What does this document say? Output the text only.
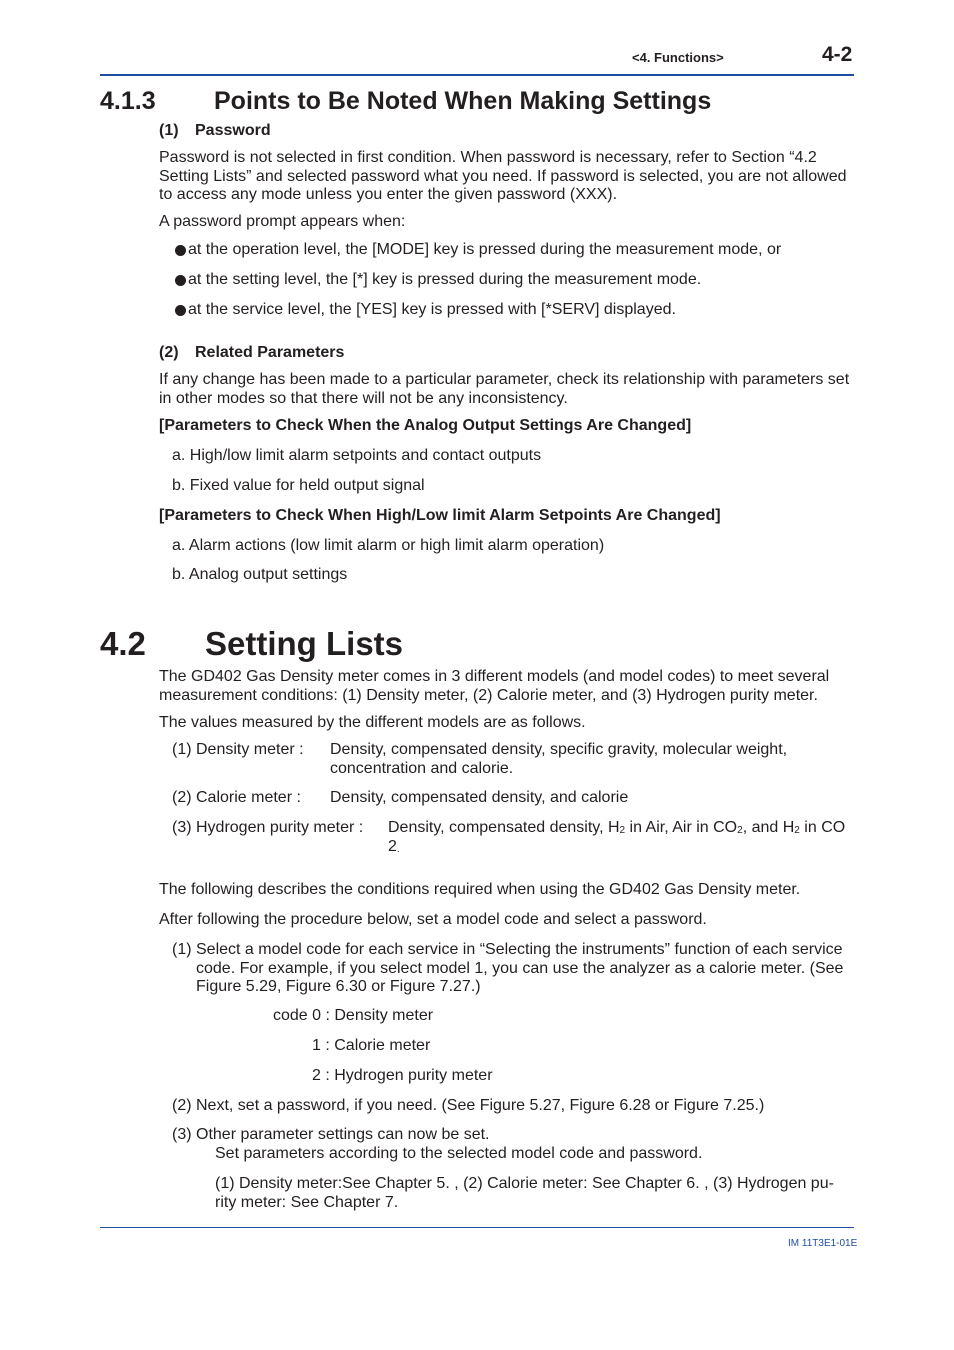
<4. Functions>	4-2
4.1.3 Points to Be Noted When Making Settings
(1) Password
Password is not selected in first condition. When password is necessary, refer to Section “4.2 Setting Lists” and selected password what you need. If password is selected, you are not allowed to access any mode unless you enter the given password (XXX).
A password prompt appears when:
at the operation level, the [MODE] key is pressed during the measurement mode, or
at the setting level, the [*] key is pressed during the measurement mode.
at the service level, the [YES] key is pressed with [*SERV] displayed.
(2) Related Parameters
If any change has been made to a particular parameter, check its relationship with parameters set in other modes so that there will not be any inconsistency.
[Parameters to Check When the Analog Output Settings Are Changed]
a. High/low limit alarm setpoints and contact outputs
b. Fixed value for held output signal
[Parameters to Check When High/Low limit Alarm Setpoints Are Changed]
a. Alarm actions (low limit alarm or high limit alarm operation)
b. Analog output settings
4.2 Setting Lists
The GD402 Gas Density meter comes in 3 different models (and model codes) to meet several measurement conditions: (1) Density meter, (2) Calorie meter, and (3) Hydrogen purity meter.
The values measured by the different models are as follows.
(1) Density meter : Density, compensated density, specific gravity, molecular weight, concentration and calorie.
(2) Calorie meter : Density, compensated density, and calorie
(3) Hydrogen purity meter : Density, compensated density, $H_2$ in Air, Air in $CO_2$, and $H_2$ in CO
$2_.$
The following describes the conditions required when using the GD402 Gas Density meter.
After following the procedure below, set a model code and select a password.
(1) Select a model code for each service in “Selecting the instruments” function of each service code. For example, if you select model 1, you can use the analyzer as a calorie meter. (See Figure 5.29, Figure 6.30 or Figure 7.27.)
code 0 : Density meter
1 : Calorie meter
2 : Hydrogen purity meter
(2) Next, set a password, if you need. (See Figure 5.27, Figure 6.28 or Figure 7.25.)
(3) Other parameter settings can now be set.
Set parameters according to the selected model code and password.
(1) Density meter:See Chapter 5. , (2) Calorie meter: See Chapter 6. , (3) Hydrogen pu-rity meter: See Chapter 7.
IM 11T3E1-01E
